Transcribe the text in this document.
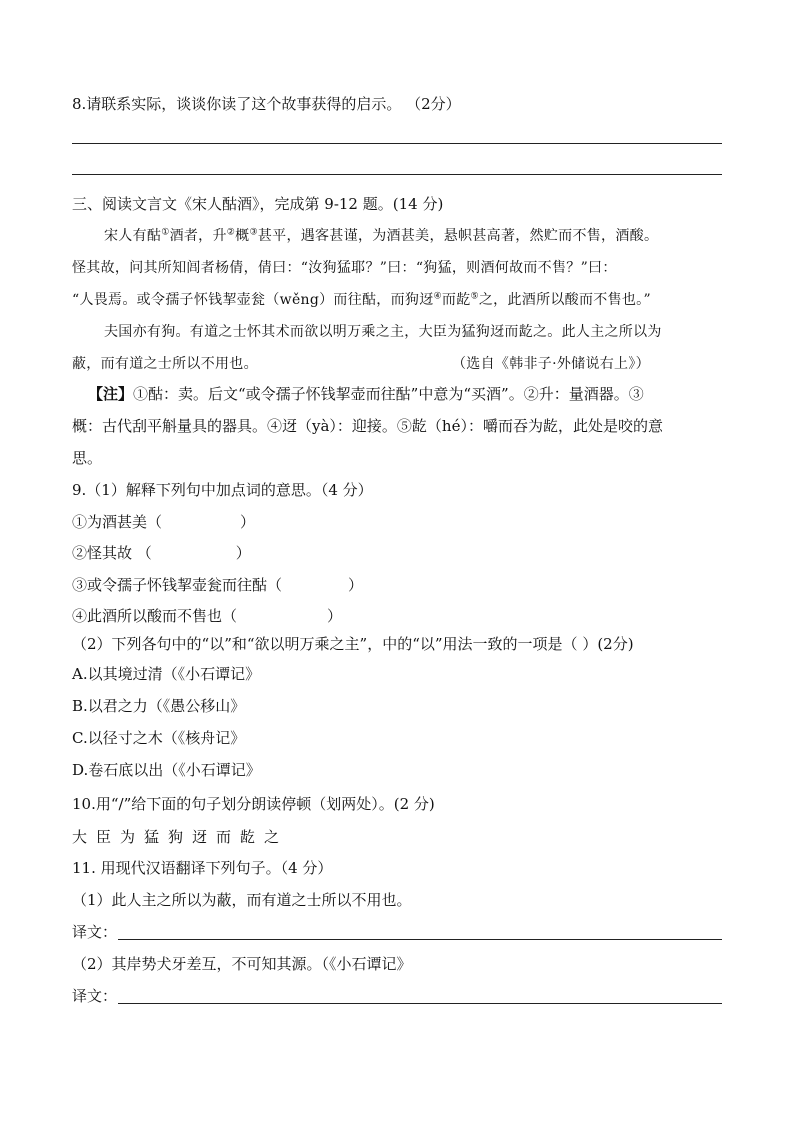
8.请联系实际，谈谈你读了这个故事获得的启示。 （2分）
三、阅读文言文《宋人酤酒》，完成第 9-12 题。(14 分)
宋人有酤①酒者，升②概③甚平，遇客甚谨，为酒甚美，悬帜甚高著，然贮而不售，酒酸。
怪其故，问其所知闾者杨倩，倩曰：“汝狗猛耶？”曰：“狗猛，则酒何故而不售？”曰：
“人畏焉。或令孺子怀钱挈壶瓮（wěng）而往酤，而狗迓④而龁⑤之，此酒所以酸而不售也。”
夫国亦有狗。有道之士怀其术而欲以明万乘之主，大臣为猛狗迓而龁之。此人主之所以为
蔽，而有道之士所以不用也。	（选自《韩非子·外储说右上》）
【注】①酤：卖。后文“或令孺子怀钱挈壶而往酤”中意为“买酒”。②升：量酒器。③
概：古代刮平斛量具的器具。④迓（yà）：迎接。⑤龁（hé）：嚼而吞为龁，此处是咬的意
思。
9.（1）解释下列句中加点词的意思。（4 分）
①为酒甚美（	）
②怪其故 （	）
③或令孺子怀钱挈壶瓮而往酤（	）
④此酒所以酸而不售也（	）
（2）下列各句中的“以”和“欲以明万乘之主”，中的“以”用法一致的一项是（ ）(2分)
A.以其境过清（《小石谭记》
B.以君之力（《愚公移山》
C.以径寸之木（《核舟记》
D.卷石底以出（《小石谭记》
10.用“/”给下面的句子划分朗读停顿（划两处）。(2 分)
大臣为猛狗迓而龁之
11. 用现代汉语翻译下列句子。（4 分）
（1）此人主之所以为蔽，而有道之士所以不用也。
译文：
（2）其岸势犬牙差互，不可知其源。（《小石谭记》
译文：
